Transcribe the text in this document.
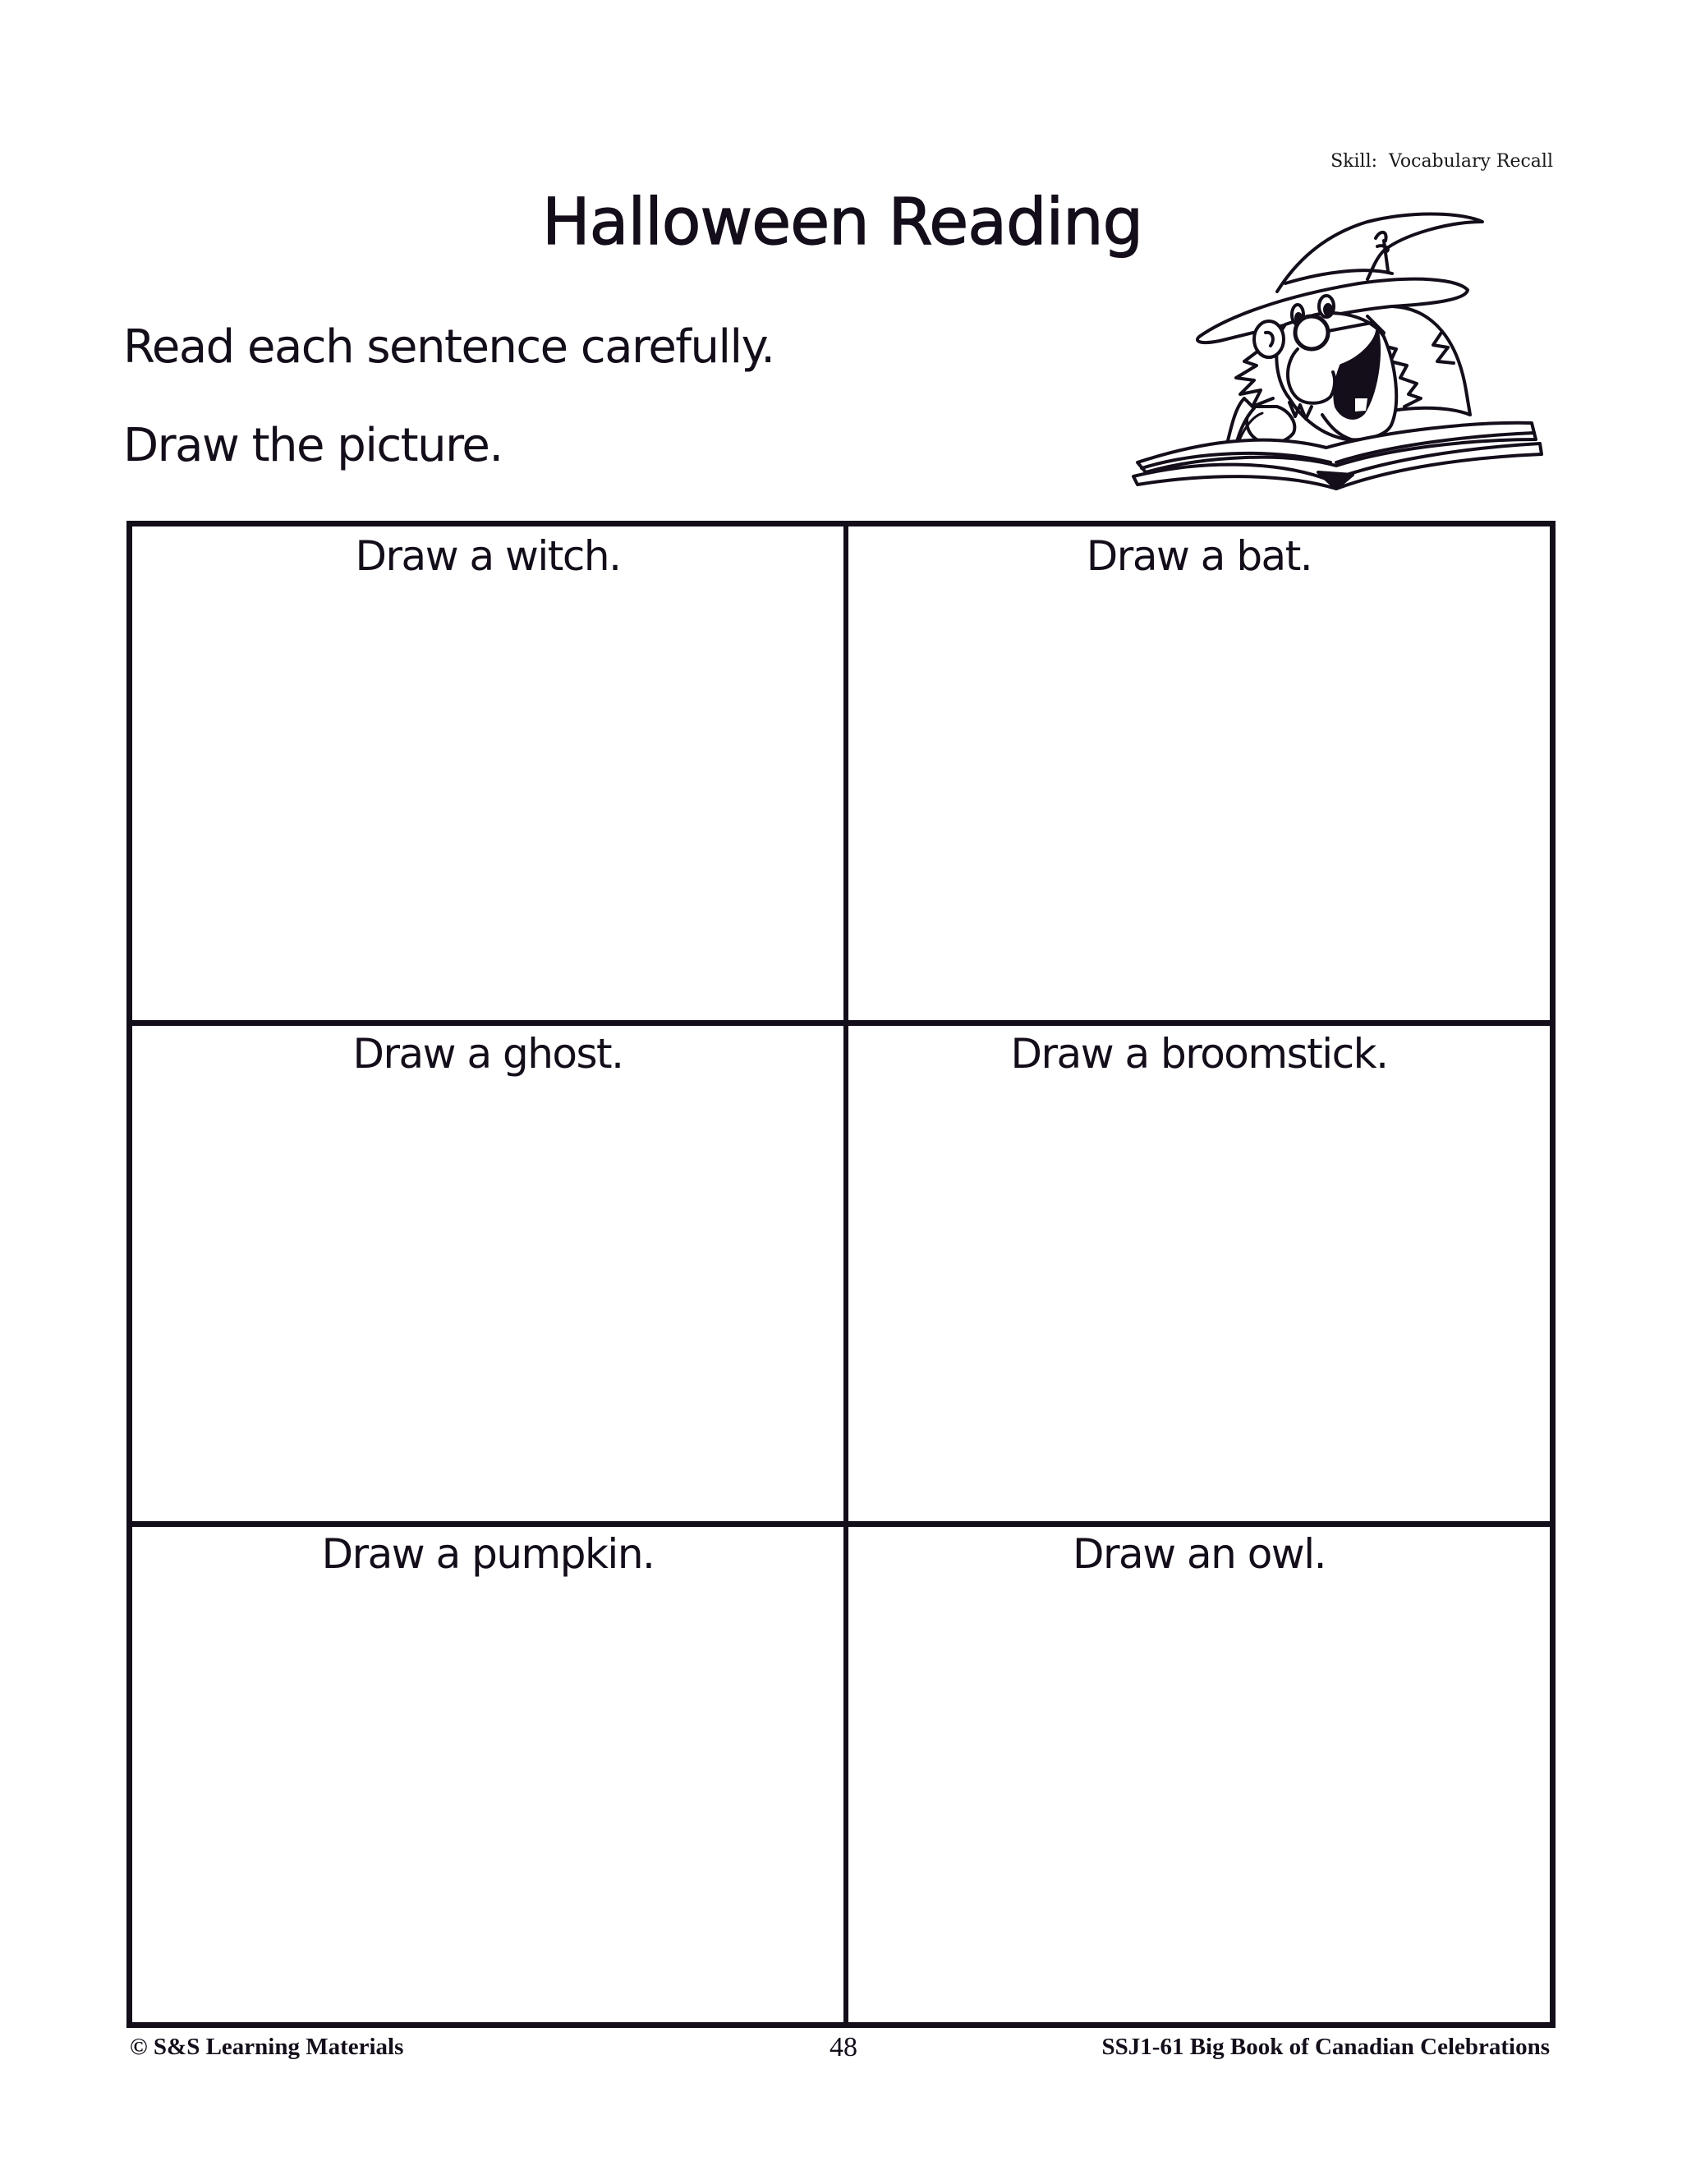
Skill:  Vocabulary Recall
Halloween Reading

Read each sentence carefully.

Draw the picture.

Draw a witch.	Draw a bat.
Draw a ghost.	Draw a broomstick.
Draw a pumpkin.	Draw an owl.
© S&S Learning Materials	48	SSJ1-61 Big Book of Canadian Celebrations
